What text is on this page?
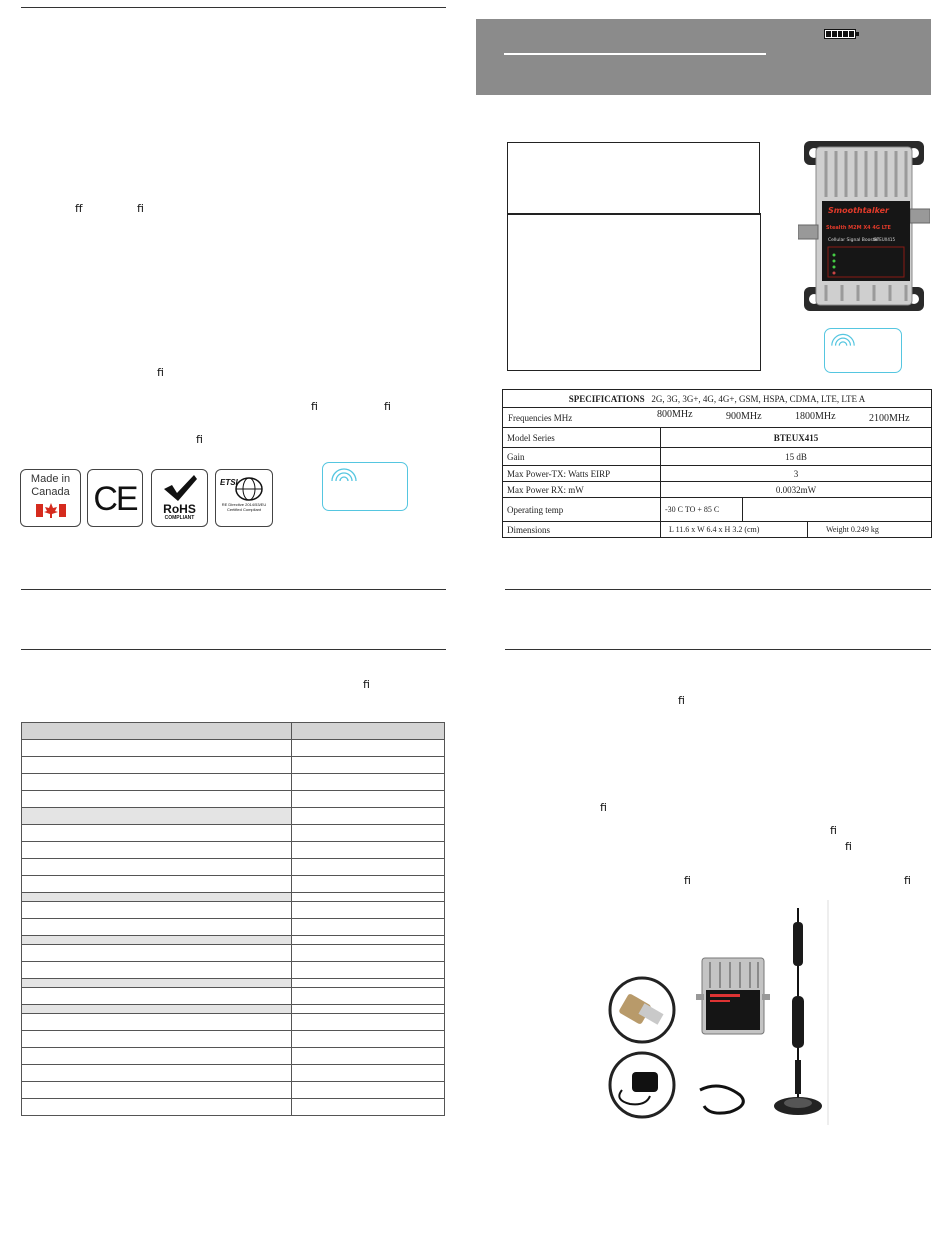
ff	fi
fi
fi	fi
fi
Made in Canada CE	RoHS
COMPLIANT
ETSI
RE Directive 2014/53/EU Certified Compliant
fi

Smoothtalker
Stealth M2M X4 4G LTE
Cellular Signal Booster
BTEUX415
SPECIFICATIONS 2G, 3G, 3G+, 4G, 4G+, GSM, HSPA, CDMA, LTE, LTE A			

Frequencies MHz 800MHz 900MHz 1800MHz 2100MHz			

Model Series	BTEUX415		
Gain	15 dB		
Max Power-TX: Watts EIRP	3		
Max Power RX: mW	0.0032mW		
Operating temp	-30 C TO + 85 C		
Dimensions	L 11.6 x W 6.4 x H 3.2 (cm)		Weight 0.249 kg
fi
fi
fi
fi
fi	fi
